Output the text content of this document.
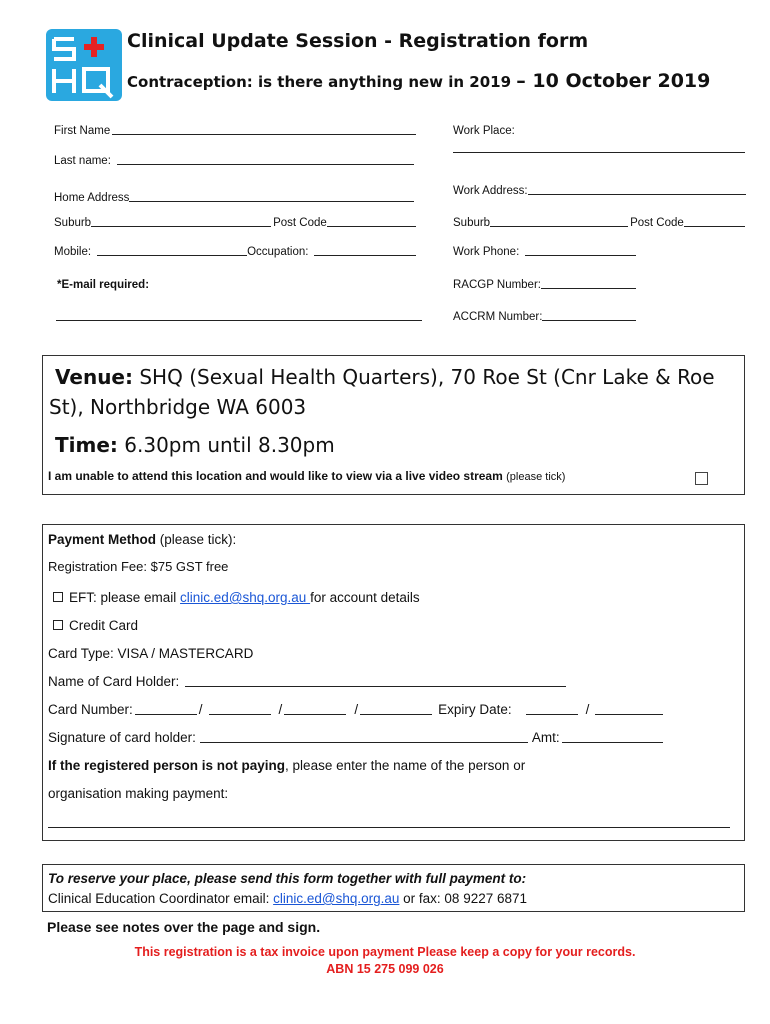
Clinical Update Session - Registration form
Contraception: is there anything new in 2019 – 10 October 2019
First Name
Last name:
Home Address
Suburb	Post Code
Mobile:	Occupation:
*E-mail required:
Work Place:
Work Address:
Suburb	Post Code
Work Phone:
RACGP Number:
ACCRM Number:
Venue: SHQ (Sexual Health Quarters), 70 Roe St (Cnr Lake & Roe St), Northbridge WA 6003
Time: 6.30pm until 8.30pm
I am unable to attend this location and would like to view via a live video stream (please tick)
Payment Method (please tick):
Registration Fee: $75 GST free
EFT: please email clinic.ed@shq.org.au for account details
Credit Card
Card Type: VISA / MASTERCARD
Name of Card Holder:
Card Number:	/	/	/	Expiry Date:	/
Signature of card holder:	Amt:
If the registered person is not paying, please enter the name of the person or
organisation making payment:
To reserve your place, please send this form together with full payment to:
Clinical Education Coordinator email: clinic.ed@shq.org.au or fax: 08 9227 6871
Please see notes over the page and sign.
This registration is a tax invoice upon payment Please keep a copy for your records.
ABN 15 275 099 026
